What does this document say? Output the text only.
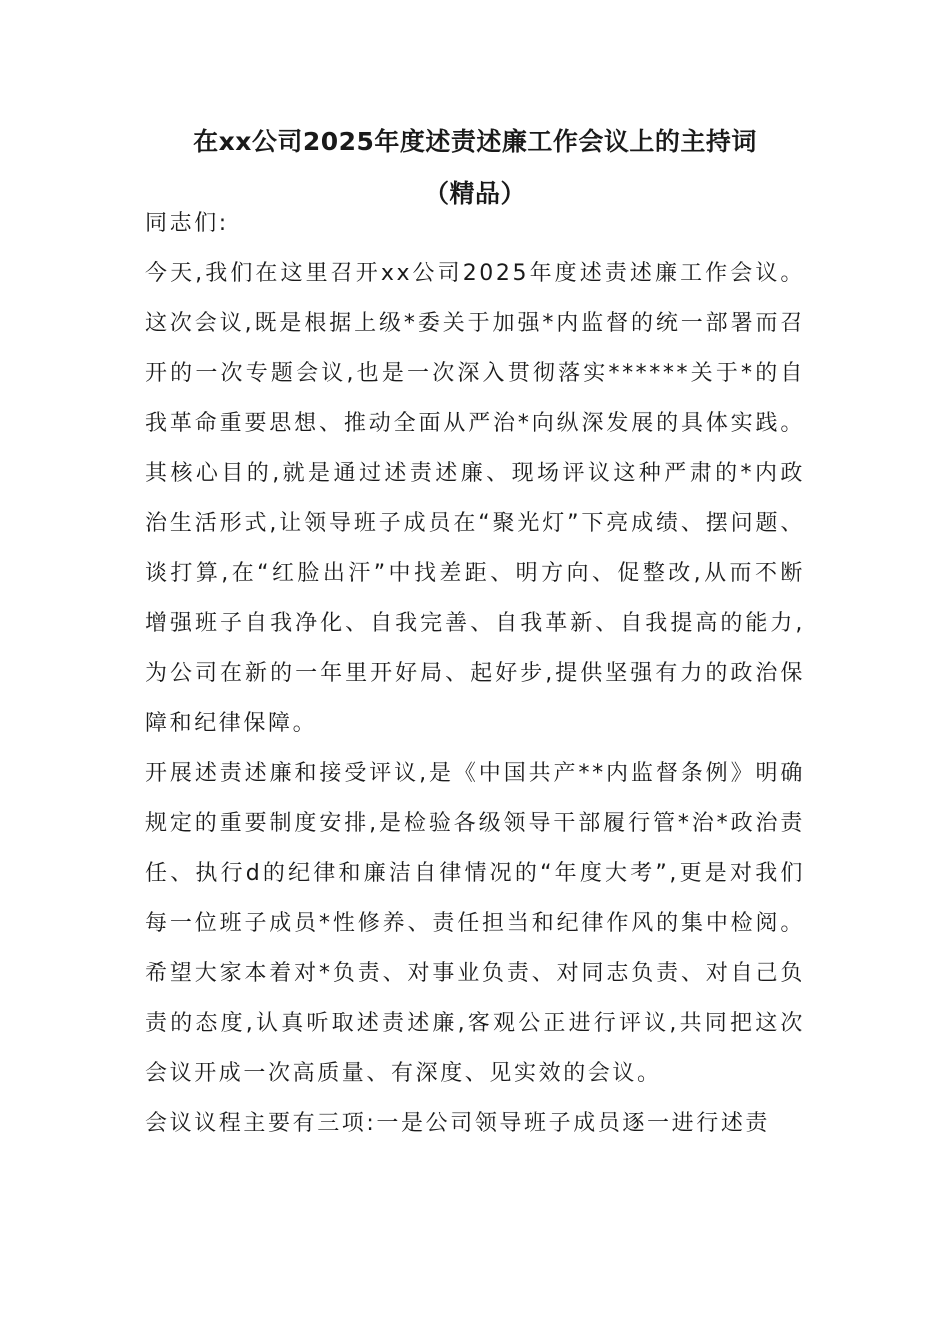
在xx公司2025年度述责述廉工作会议上的主持词
（精品）

同志们:

今天,我们在这里召开xx公司2025年度述责述廉工作会议。这次会议,既是根据上级*委关于加强*内监督的统一部署而召开的一次专题会议,也是一次深入贯彻落实******关于*的自我革命重要思想、推动全面从严治*向纵深发展的具体实践。其核心目的,就是通过述责述廉、现场评议这种严肃的*内政治生活形式,让领导班子成员在“聚光灯”下亮成绩、摆问题、谈打算,在“红脸出汗”中找差距、明方向、促整改,从而不断增强班子自我净化、自我完善、自我革新、自我提高的能力,为公司在新的一年里开好局、起好步,提供坚强有力的政治保障和纪律保障。

开展述责述廉和接受评议,是《中国共产**内监督条例》明确规定的重要制度安排,是检验各级领导干部履行管*治*政治责任、执行d的纪律和廉洁自律情况的“年度大考”,更是对我们每一位班子成员*性修养、责任担当和纪律作风的集中检阅。希望大家本着对*负责、对事业负责、对同志负责、对自己负责的态度,认真听取述责述廉,客观公正进行评议,共同把这次会议开成一次高质量、有深度、见实效的会议。

会议议程主要有三项:一是公司领导班子成员逐一进行述责
